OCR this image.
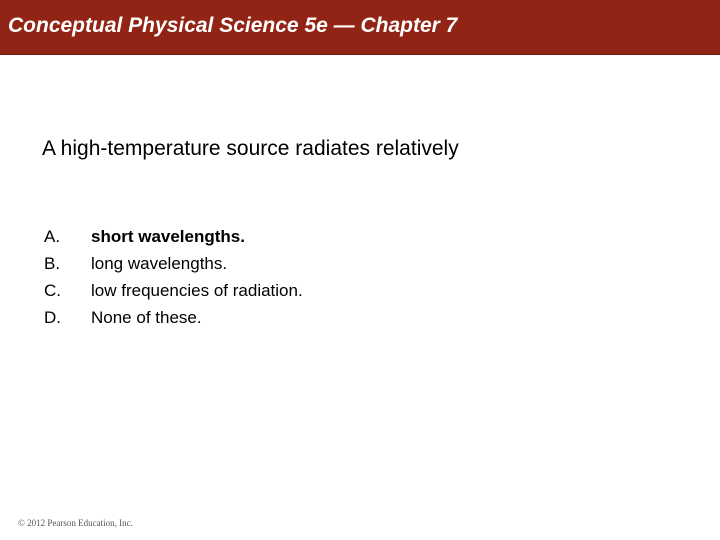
Conceptual Physical Science 5e — Chapter 7
A high-temperature source radiates relatively
A.	short wavelengths.
B.	long wavelengths.
C.	low frequencies of radiation.
D.	None of these.
© 2012 Pearson Education, Inc.
